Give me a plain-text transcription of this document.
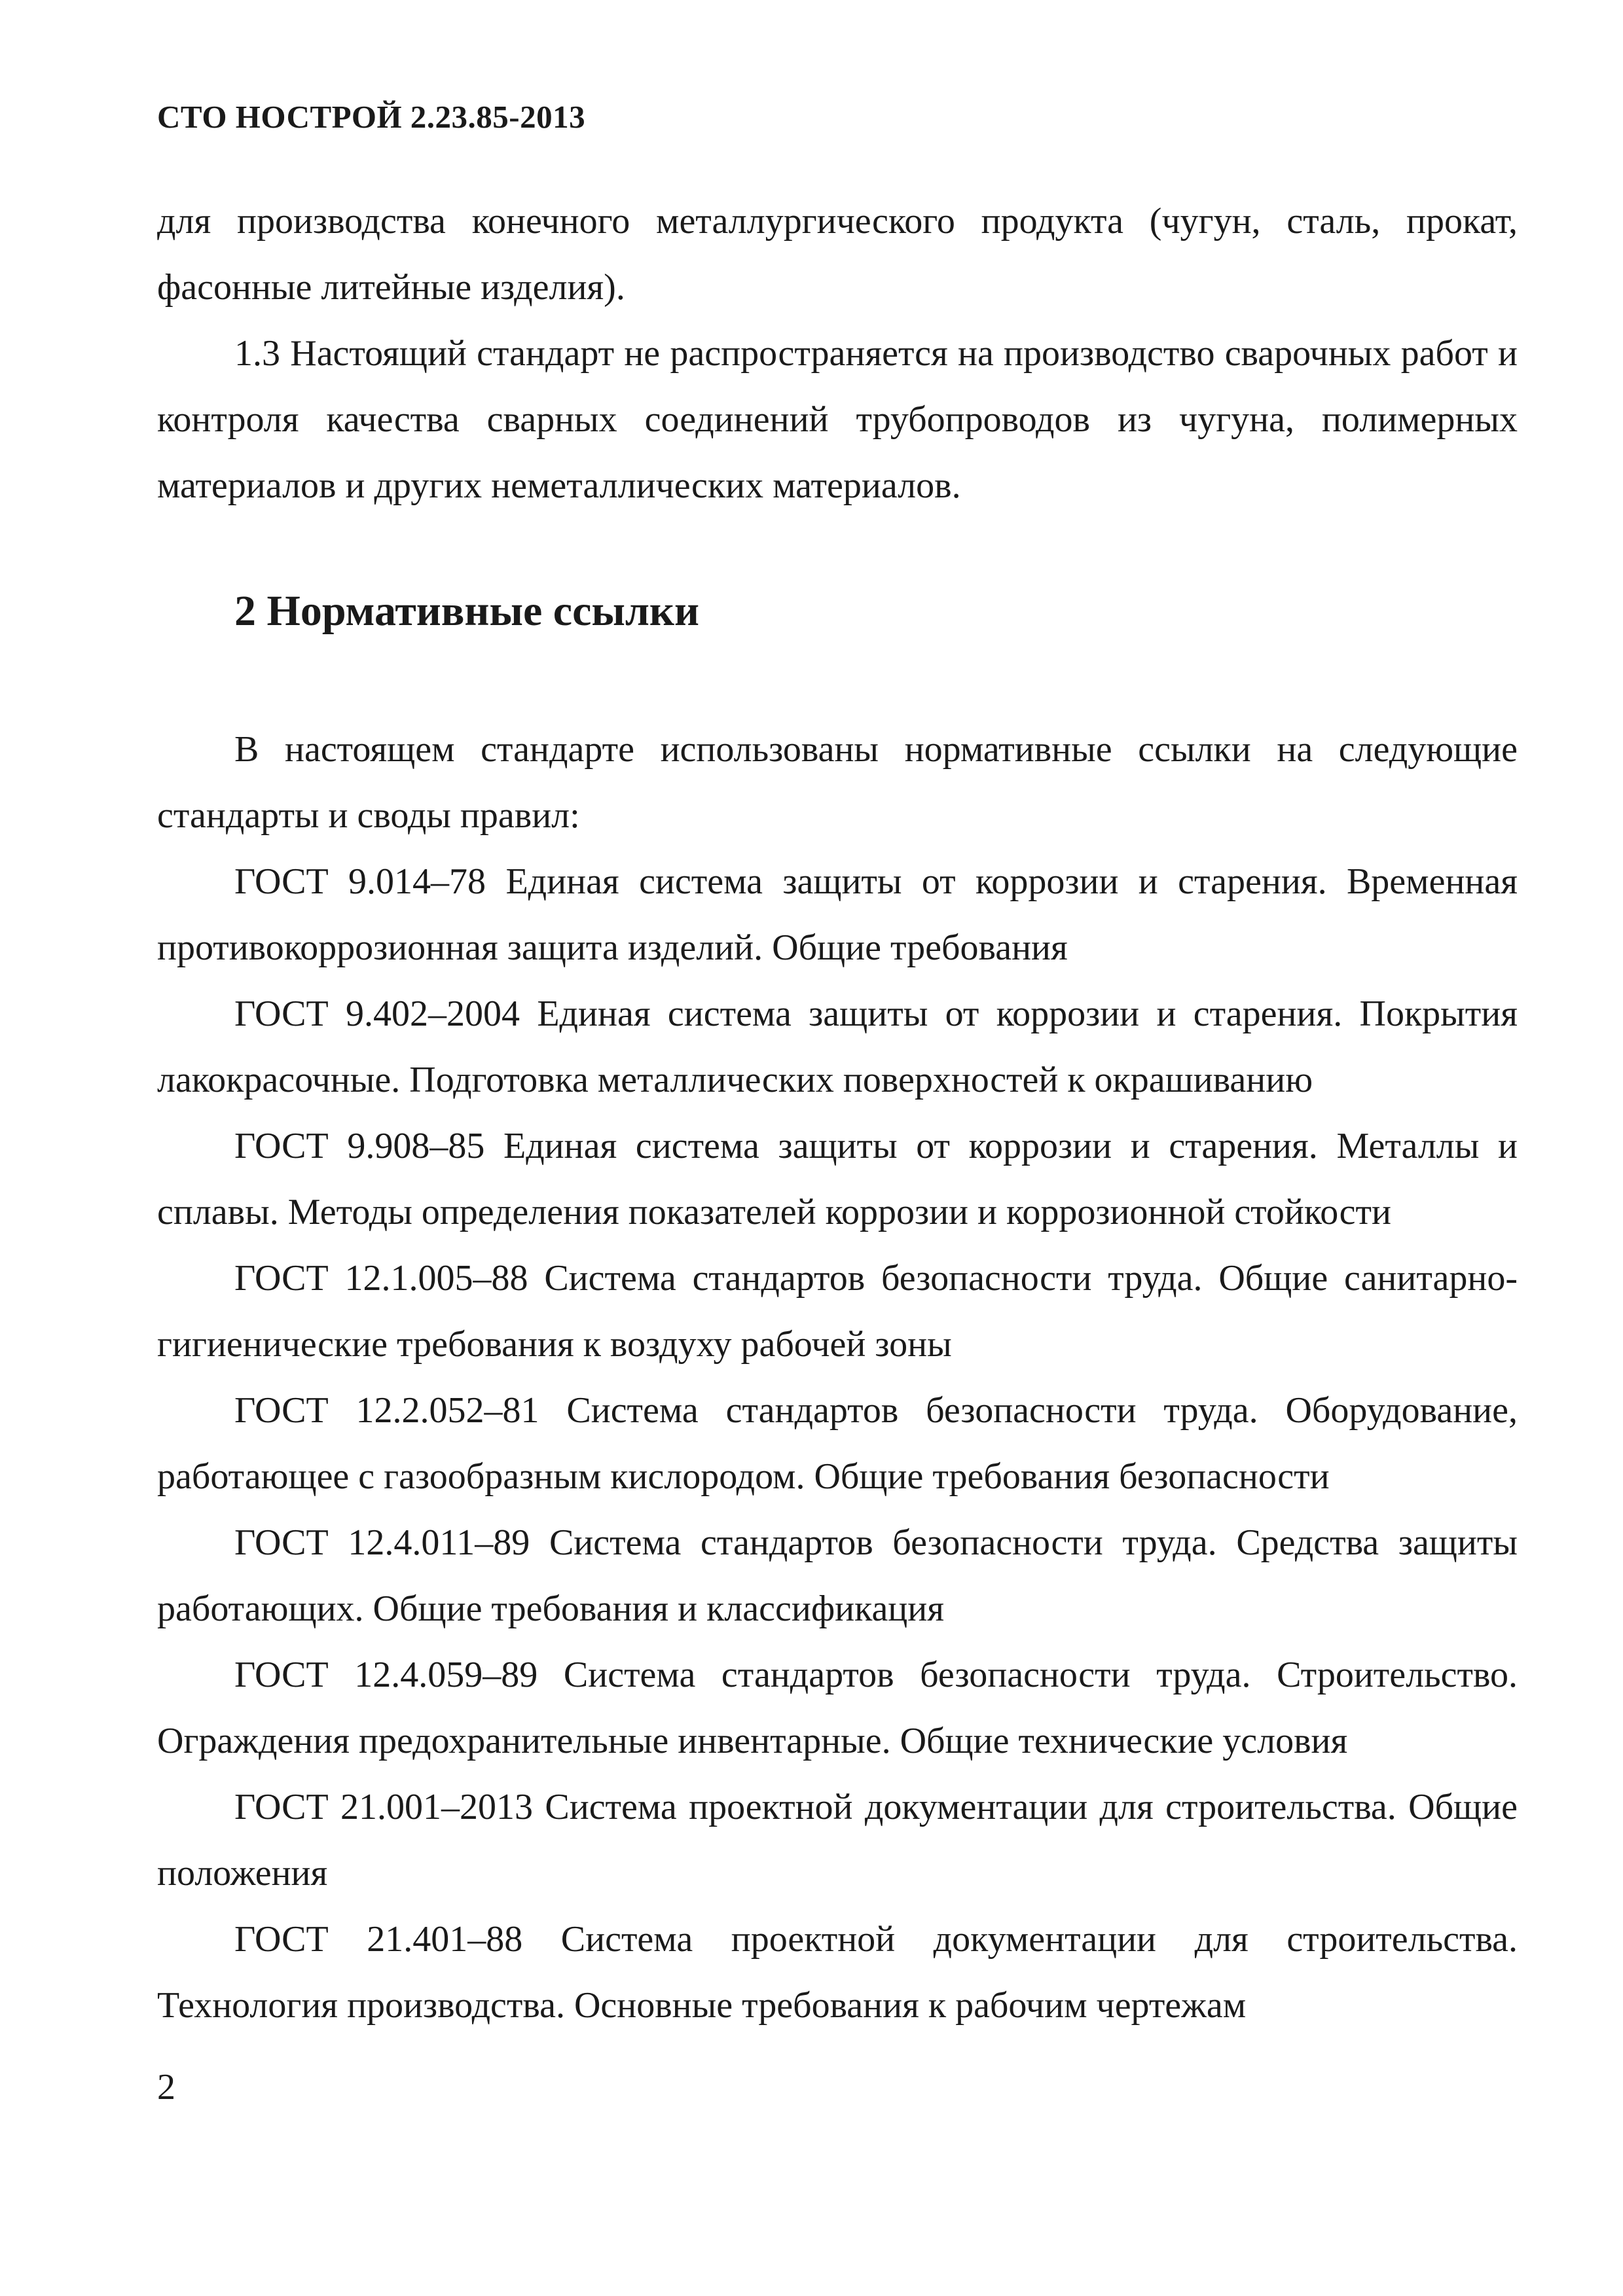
СТО НОСТРОЙ 2.23.85-2013

для производства конечного металлургического продукта (чугун, сталь, прокат, фасонные литейные изделия).

1.3 Настоящий стандарт не распространяется на производство сварочных работ и контроля качества сварных соединений трубопроводов из чугуна, полимерных материалов и других неметаллических материалов.

2 Нормативные ссылки

В настоящем стандарте использованы нормативные ссылки на следующие стандарты и своды правил:

ГОСТ 9.014–78 Единая система защиты от коррозии и старения. Временная противокоррозионная защита изделий. Общие требования

ГОСТ 9.402–2004 Единая система защиты от коррозии и старения. Покрытия лакокрасочные. Подготовка металлических поверхностей к окрашиванию

ГОСТ 9.908–85 Единая система защиты от коррозии и старения. Металлы и сплавы. Методы определения показателей коррозии и коррозионной стойкости

ГОСТ 12.1.005–88 Система стандартов безопасности труда. Общие санитарно-гигиенические требования к воздуху рабочей зоны

ГОСТ 12.2.052–81 Система стандартов безопасности труда. Оборудование, работающее с газообразным кислородом. Общие требования безопасности

ГОСТ 12.4.011–89 Система стандартов безопасности труда. Средства защиты работающих. Общие требования и классификация

ГОСТ 12.4.059–89 Система стандартов безопасности труда. Строительство. Ограждения предохранительные инвентарные. Общие технические условия

ГОСТ 21.001–2013 Система проектной документации для строительства. Общие положения

ГОСТ 21.401–88 Система проектной документации для строительства. Технология производства. Основные требования к рабочим чертежам

2
